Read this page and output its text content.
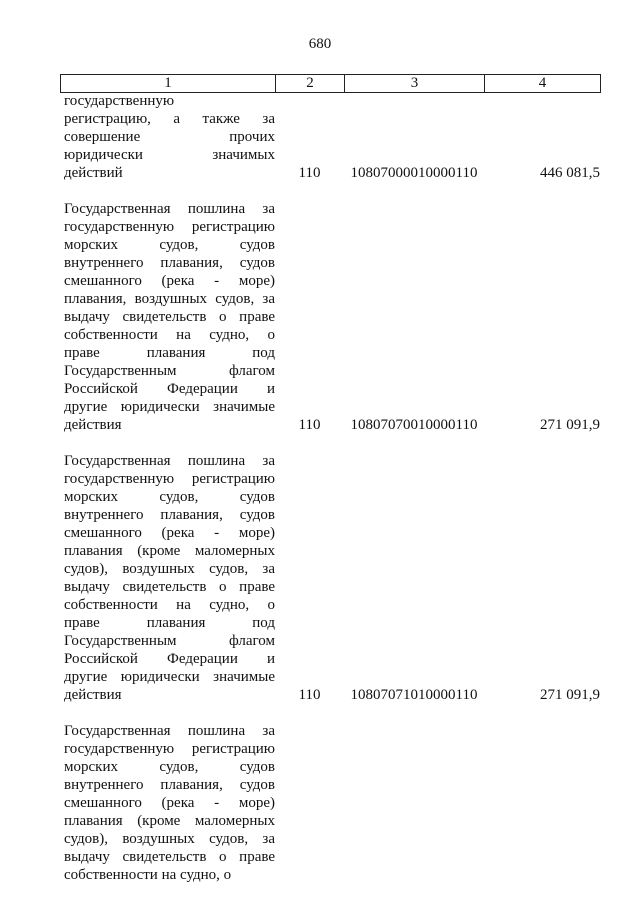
680
1	2	3	4
государственную
регистрацию, а также за
совершение прочих
юридически значимых
действий	110	10807000010000110	446 081,5
Государственная пошлина за
государственную регистрацию
морских судов, судов
внутреннего плавания, судов
смешанного (река - море)
плавания, воздушных судов, за
выдачу свидетельств о праве
собственности на судно, о
праве плавания под
Государственным флагом
Российской Федерации и
другие юридически значимые
действия	110	10807070010000110	271 091,9
Государственная пошлина за
государственную регистрацию
морских судов, судов
внутреннего плавания, судов
смешанного (река - море)
плавания (кроме маломерных
судов), воздушных судов, за
выдачу свидетельств о праве
собственности на судно, о
праве плавания под
Государственным флагом
Российской Федерации и
другие юридически значимые
действия	110	10807071010000110	271 091,9
Государственная пошлина за
государственную регистрацию
морских судов, судов
внутреннего плавания, судов
смешанного (река - море)
плавания (кроме маломерных
судов), воздушных судов, за
выдачу свидетельств о праве
собственности на судно, о
